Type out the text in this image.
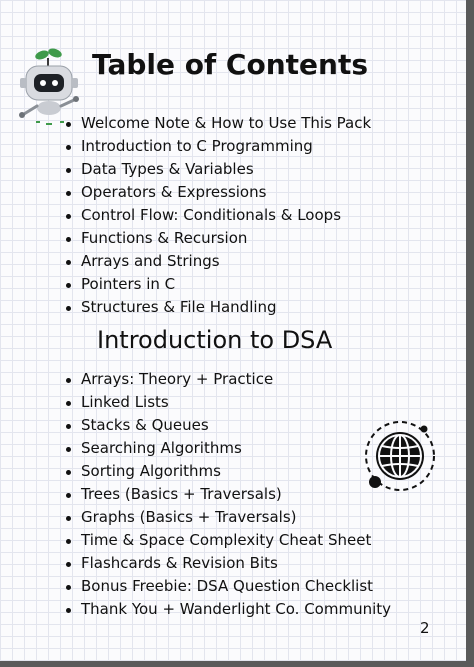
Table of Contents
Welcome Note & How to Use This Pack
Introduction to C Programming
Data Types & Variables
Operators & Expressions
Control Flow: Conditionals & Loops
Functions & Recursion
Arrays and Strings
Pointers in C
Structures & File Handling
Introduction to DSA
Arrays: Theory + Practice
Linked Lists
Stacks & Queues
Searching Algorithms
Sorting Algorithms
Trees (Basics + Traversals)
Graphs (Basics + Traversals)
Time & Space Complexity Cheat Sheet
Flashcards & Revision Bits
Bonus Freebie: DSA Question Checklist
Thank You + Wanderlight Co. Community
2
